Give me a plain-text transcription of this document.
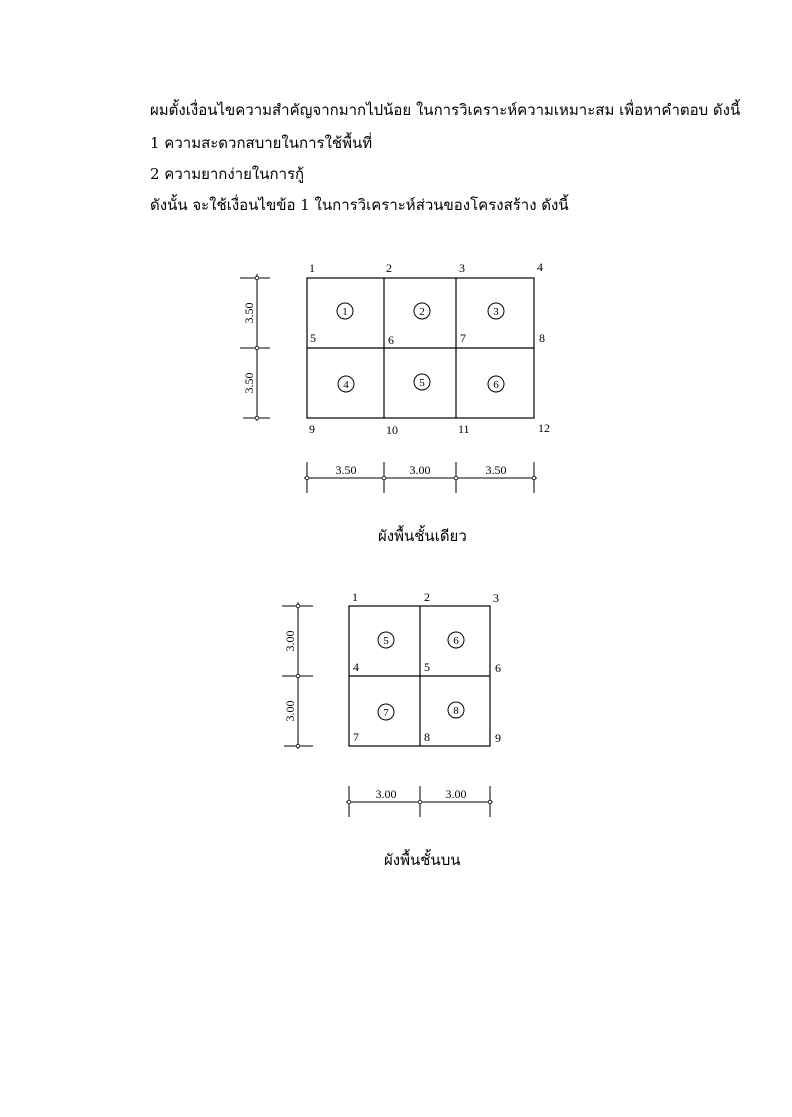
ผมตั้งเงื่อนไขความสำคัญจากมากไปน้อย ในการวิเคราะห์ความเหมาะสม เพื่อหาคำตอบ ดังนี้
1 ความสะดวกสบายในการใช้พื้นที่
2 ความยากง่ายในการกู้
ดังนั้น จะใช้เงื่อนไขข้อ 1 ในการวิเคราะห์ส่วนของโครงสร้าง ดังนี้
1	2	3	4
5	6	7	8
9	10	11	12
1	2	3
4	5	6
3.50
3.50
3.50	3.00	3.50
1	2	3
4	5	6
7	8	9
5	6
7	8
3.00
3.00
3.00	3.00
ผังพื้นชั้นเดียว
ผังพื้นชั้นบน
